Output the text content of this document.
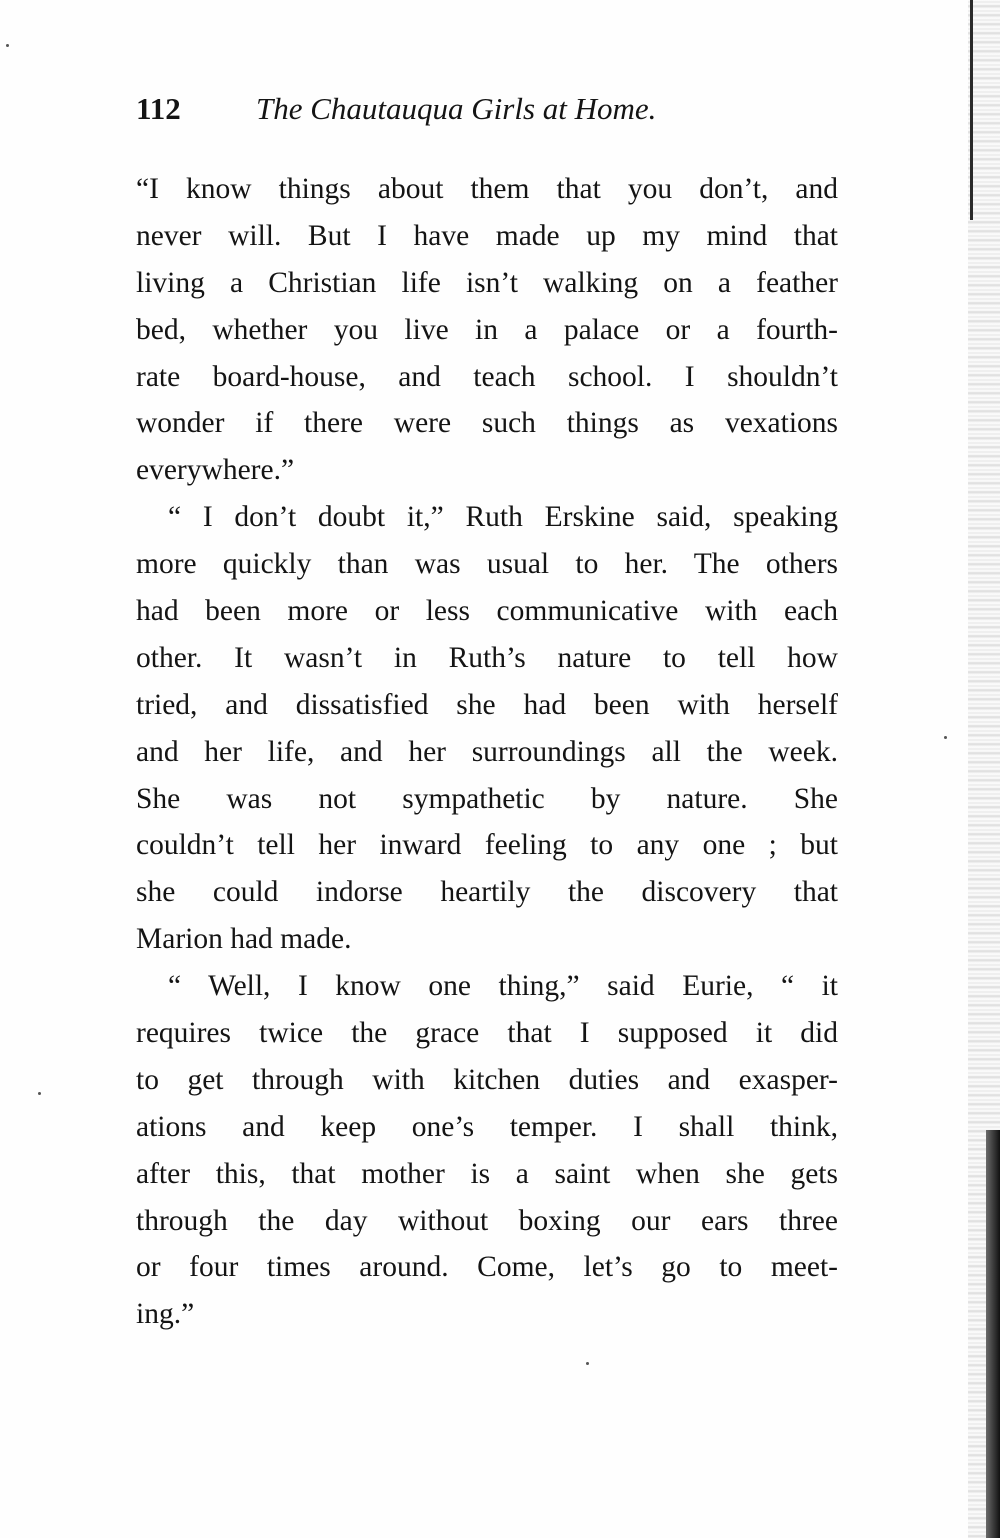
112 The Chautauqua Girls at Home.
“I know things about them that you don’t, and
never will. But I have made up my mind that
living a Christian life isn’t walking on a feather
bed, whether you live in a palace or a fourth-
rate board-house, and teach school. I shouldn’t
wonder if there were such things as vexations
everywhere.”
“ I don’t doubt it,” Ruth Erskine said, speaking
more quickly than was usual to her. The others
had been more or less communicative with each
other. It wasn’t in Ruth’s nature to tell how
tried, and dissatisfied she had been with herself
and her life, and her surroundings all the week.
She was not sympathetic by nature. She
couldn’t tell her inward feeling to any one ; but
she could indorse heartily the discovery that
Marion had made.
“ Well, I know one thing,” said Eurie, “ it
requires twice the grace that I supposed it did
to get through with kitchen duties and exasper-
ations and keep one’s temper. I shall think,
after this, that mother is a saint when she gets
through the day without boxing our ears three
or four times around. Come, let’s go to meet-
ing.”
